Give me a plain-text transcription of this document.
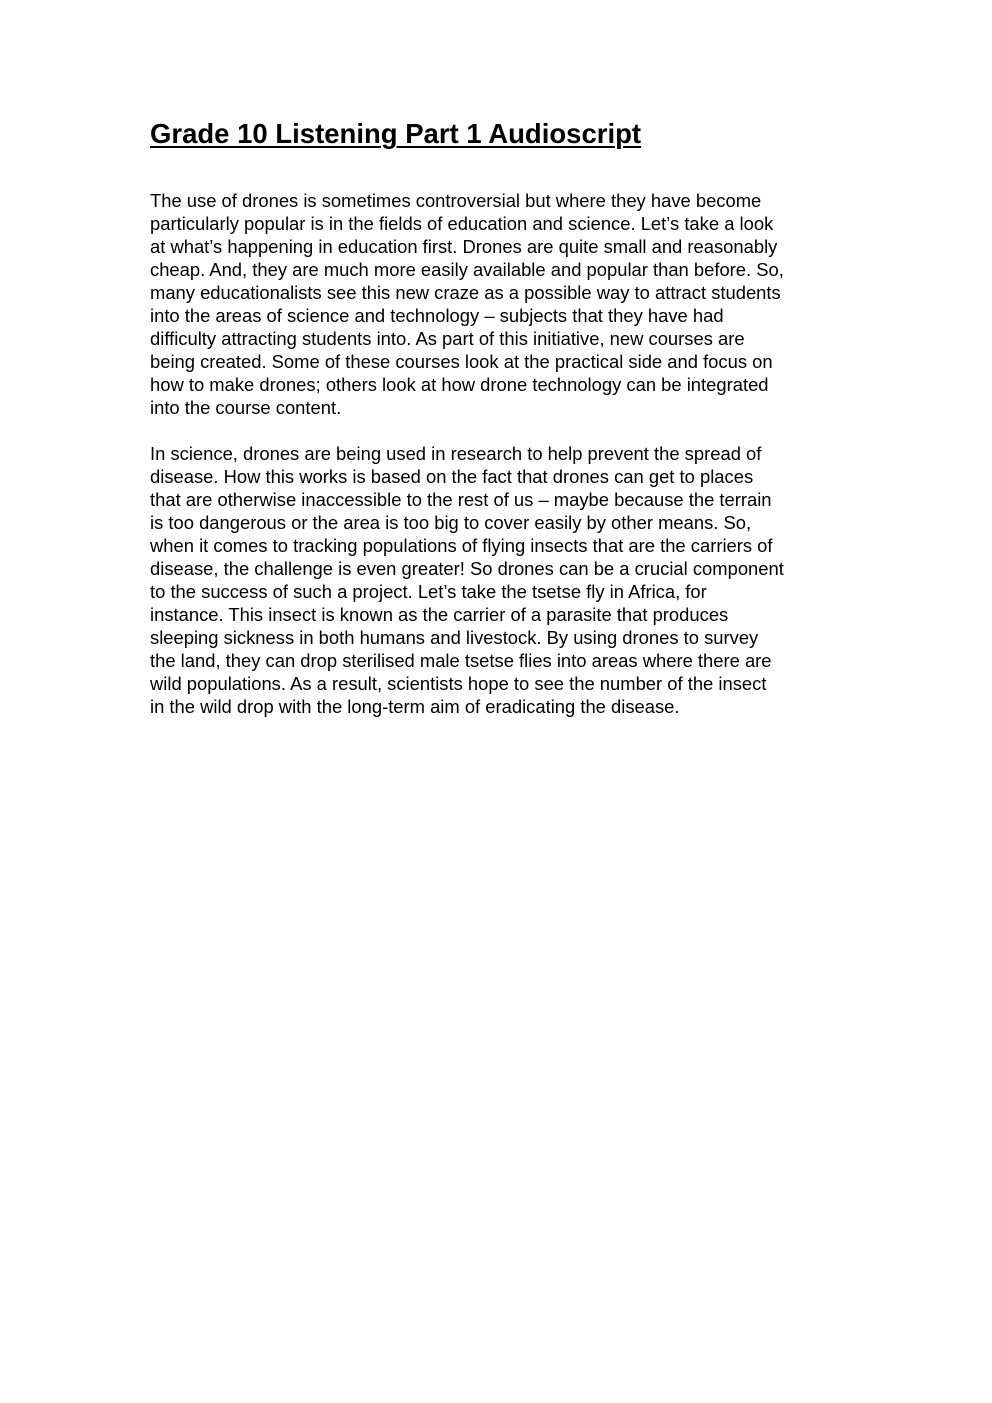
Grade 10 Listening Part 1 Audioscript

The use of drones is sometimes controversial but where they have become
particularly popular is in the fields of education and science. Let’s take a look
at what’s happening in education first. Drones are quite small and reasonably
cheap. And, they are much more easily available and popular than before. So,
many educationalists see this new craze as a possible way to attract students
into the areas of science and technology – subjects that they have had
difficulty attracting students into. As part of this initiative, new courses are
being created. Some of these courses look at the practical side and focus on
how to make drones; others look at how drone technology can be integrated
into the course content.

In science, drones are being used in research to help prevent the spread of
disease. How this works is based on the fact that drones can get to places
that are otherwise inaccessible to the rest of us – maybe because the terrain
is too dangerous or the area is too big to cover easily by other means. So,
when it comes to tracking populations of flying insects that are the carriers of
disease, the challenge is even greater! So drones can be a crucial component
to the success of such a project. Let’s take the tsetse fly in Africa, for
instance. This insect is known as the carrier of a parasite that produces
sleeping sickness in both humans and livestock. By using drones to survey
the land, they can drop sterilised male tsetse flies into areas where there are
wild populations. As a result, scientists hope to see the number of the insect
in the wild drop with the long-term aim of eradicating the disease.
